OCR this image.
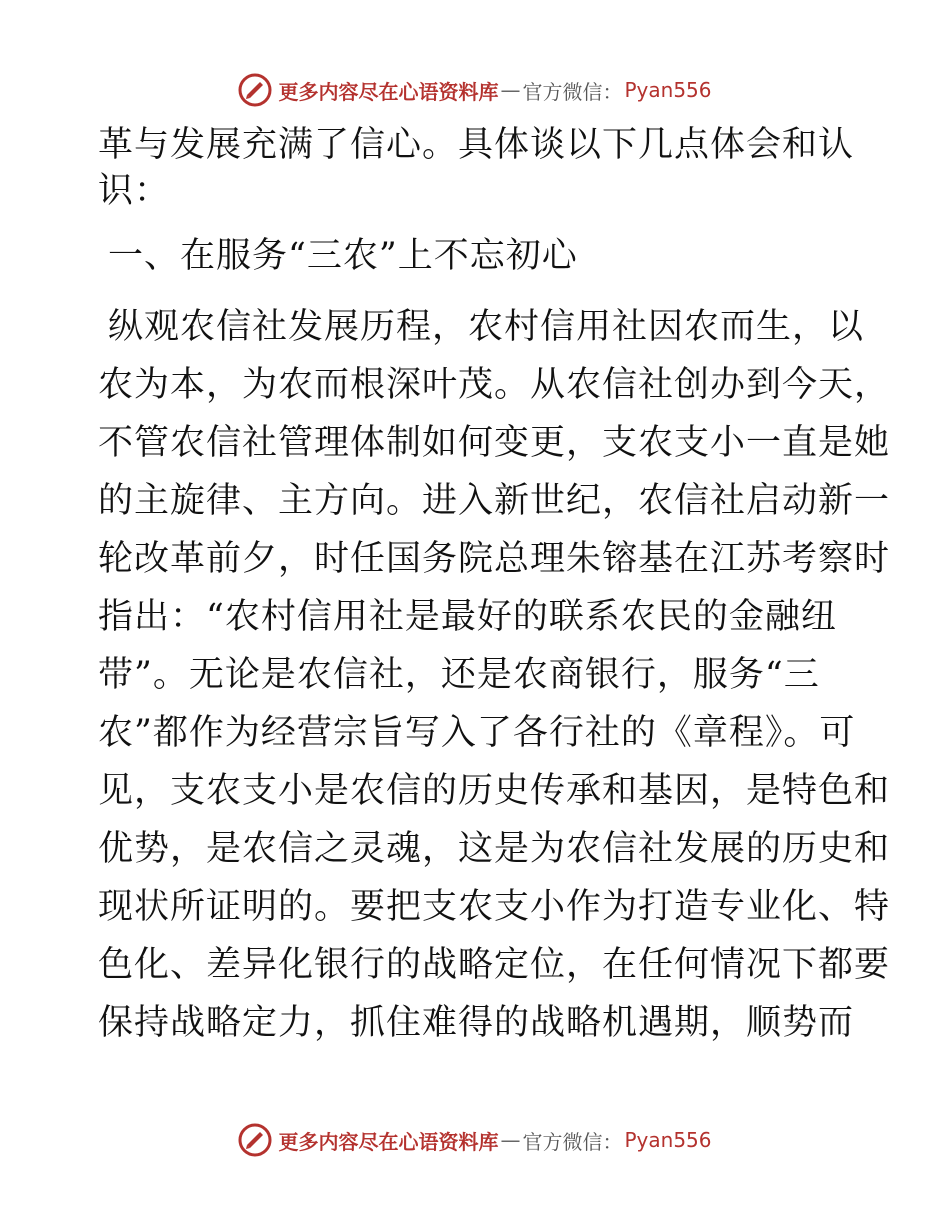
更多内容尽在心语资料库 — 官方微信： Pyan556
革与发展充满了信心。具体谈以下几点体会和认
识：
一、在服务“三农”上不忘初心
纵观农信社发展历程，农村信用社因农而生，以
农为本，为农而根深叶茂。从农信社创办到今天，
不管农信社管理体制如何变更，支农支小一直是她
的主旋律、主方向。进入新世纪，农信社启动新一
轮改革前夕，时任国务院总理朱镕基在江苏考察时
指出：“农村信用社是最好的联系农民的金融纽
带”。无论是农信社，还是农商银行，服务“三
农”都作为经营宗旨写入了各行社的《章程》。可
见，支农支小是农信的历史传承和基因，是特色和
优势，是农信之灵魂，这是为农信社发展的历史和
现状所证明的。要把支农支小作为打造专业化、特
色化、差异化银行的战略定位，在任何情况下都要
保持战略定力，抓住难得的战略机遇期，顺势而
更多内容尽在心语资料库 — 官方微信： Pyan556
